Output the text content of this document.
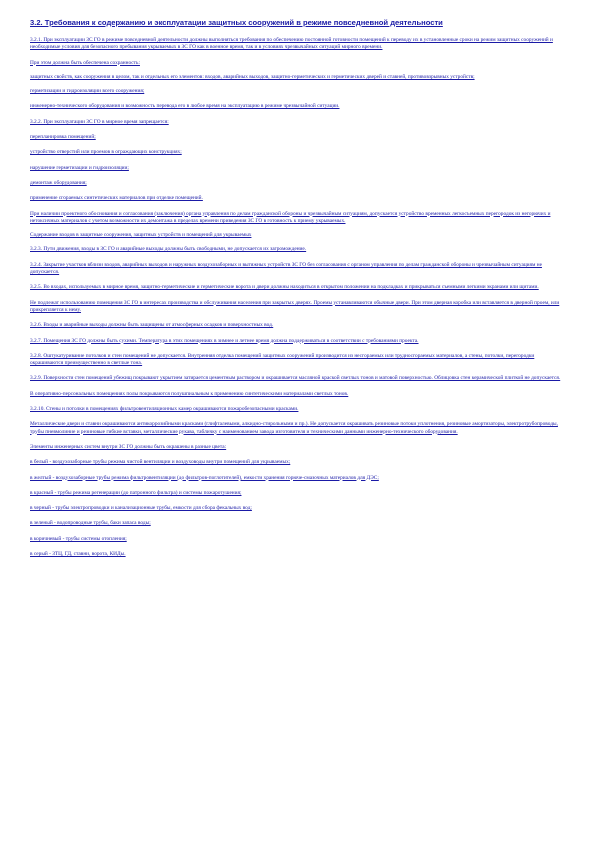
3.2. Требования к содержанию и эксплуатации защитных сооружений в режиме повседневной деятельности
3.2.1. При эксплуатации ЗС ГО в режиме повседневной деятельности должны выполняться требования по обеспечению постоянной готовности помещений к переводу их в установленные сроки на режим защитных сооружений и необходимые условия для безопасного пребывания укрываемых в ЗС ГО как в военное время, так и в условиях чрезвычайных ситуаций мирного времени.
При этом должна быть обеспечена сохранность:
защитных свойств, как сооружения в целом, так и отдельных его элементов: входов, аварийных выходов, защитно-герметических и герметических дверей и ставней, противовзрывных устройств;
герметизации и гидроизоляции всего сооружения;
инженерно-технического оборудования и возможность перевода его в любое время на эксплуатацию в режиме чрезвычайной ситуации.
3.2.2. При эксплуатации ЗС ГО в мирное время запрещается:
перепланировка помещений;
устройство отверстий или проемов в ограждающих конструкциях;
нарушение герметизации и гидроизоляции;
демонтаж оборудования;
применение сгораемых синтетических материалов при отделке помещений.
При наличии проектного обоснования и согласования (заключения) органа управления по делам гражданской обороны и чрезвычайным ситуациям, допускается устройство временных легкосъемных перегородок из негорючих и нетоксичных материалов с учетом возможности их демонтажа в пределах времени приведения ЗС ГО в готовность к приему укрываемых.
Содержание входов в защитные сооружения, защитных устройств и помещений для укрываемых
3.2.3. Пути движения, входы в ЗС ГО и аварийные выходы должны быть свободными, не допускается их загромождение.
3.2.4. Закрытие участков вблизи входов, аварийных выходов и наружных воздухозаборных и вытяжных устройств ЗС ГО без согласования с органом управления по делам гражданской обороны и чрезвычайным ситуациям не допускается.
3.2.5. Во входах, используемых в мирное время, защитно-герметические и герметические ворота и двери должны находиться в открытом положении на подкладках и прикрываться съемными легкими экранами или щитами.
Не подлежат использованию помещения ЗС ГО в интересах производства и обслуживания населения при закрытых дверях. Проемы устанавливаются обычные двери. При этом дверная коробка или вставляется в дверной проем, или прикрепляется к нему.
3.2.6. Входы и аварийные выходы должны быть защищены от атмосферных осадков и поверхностных вод.
3.2.7. Помещения ЗС ГО должны быть сухими. Температура в этих помещениях в зимнее и летнее время должна поддерживаться в соответствии с требованиями проекта.
3.2.8. Оштукатуривание потолков и стен помещений не допускается. Внутренняя отделка помещений защитных сооружений производится из несгораемых или трудносгораемых материалов, а стены, потолки, перегородки окрашиваются преимущественно в светлые тона.
3.2.9. Поверхности стен помещений убежищ покрывают укрытием затирается цементным раствором и окрашивается масляной краской светлых тонов и матовой поверхностью. Облицовка стен керамической плиткой не допускается.
В оперативно-персональных помещениях полы покрываются полушпиальным к применению синтетическими материалами светлых тонов.
3.2.10. Стены и потолки в помещениях фильтровентиляционных камер окрашиваются пожаробезопасными красками.
Металлические двери и ставни окрашиваются антикоррозийными красками (глифталевыми, алкидно-стирольными и пр.). Не допускается окрашивать резиновые потоки уплотнения, резиновые амортизаторы, электротрубопроводы, трубы пневмолиние и резиновые гибкие вставки, металлические рукава, табличку с наименованием завода изготовителя и техническими данными инженерно-технического оборудования.
Элементы инженерных систем внутри ЗС ГО должны быть окрашены в разные цвета:
в белый - воздухозаборные трубы режима чистой вентиляции и воздуховоды внутри помещений для укрываемых;
в желтый - воздухозаборные трубы режима фильтровентиляции (до фильтров-поглотителей), емкости хранения горюче-смазочных материалов для ДЭС;
в красный - трубы режима регенерации (до патронного фильтра) и системы пожаротушения;
в черный - трубы электропроводки и канализационные трубы, емкости для сбора фекальных вод;
в зеленый - водопроводные трубы, баки запаса воды;
в коричневый - трубы системы отопления;
в серый - ЗТЦ, ГД, ставни, ворота, КИДы.
